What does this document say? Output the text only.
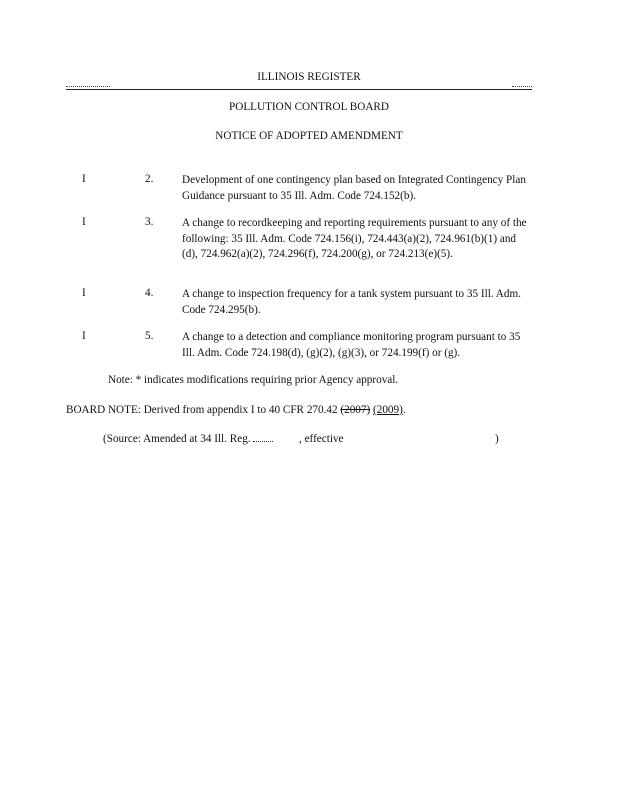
ILLINOIS REGISTER
POLLUTION CONTROL BOARD
NOTICE OF ADOPTED AMENDMENT
I	2.	Development of one contingency plan based on Integrated Contingency Plan Guidance pursuant to 35 Ill. Adm. Code 724.152(b).
I	3.	A change to recordkeeping and reporting requirements pursuant to any of the following: 35 Ill. Adm. Code 724.156(i), 724.443(a)(2), 724.961(b)(1) and (d), 724.962(a)(2), 724.296(f), 724.200(g), or 724.213(e)(5).
I	4.	A change to inspection frequency for a tank system pursuant to 35 Ill. Adm. Code 724.295(b).
I	5.	A change to a detection and compliance monitoring program pursuant to 35 Ill. Adm. Code 724.198(d), (g)(2), (g)(3), or 724.199(f) or (g).
Note: * indicates modifications requiring prior Agency approval.
BOARD NOTE: Derived from appendix I to 40 CFR 270.42 (2007) (2009).
(Source: Amended at 34 Ill. Reg.	, effective	)
